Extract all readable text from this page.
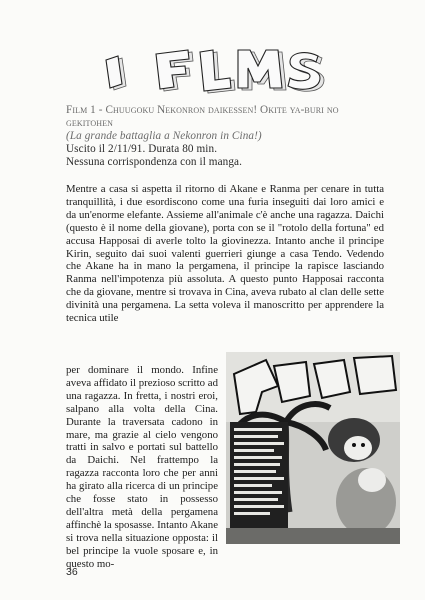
Film 1 - Chuugoku Nekonron daikessen! Okite ya-buri no gekitohen
(La grande battaglia a Nekonron in Cina!)
Uscito il 2/11/91. Durata 80 min.
Nessuna corrispondenza con il manga.

Mentre a casa si aspetta il ritorno di Akane e Ranma per cenare in tutta tranquillità, i due esordiscono come una furia inseguiti dai loro amici e da un'enorme elefante. Assieme all'animale c'è anche una ragazza. Daichi (questo è il nome della giovane), porta con se il "rotolo della fortuna" ed accusa Happosai di averle tolto la giovinezza. Intanto anche il principe Kirin, seguito dai suoi valenti guerrieri giunge a casa Tendo. Vedendo che Akane ha in mano la pergamena, il principe la rapisce lasciando Ranma nell'impotenza più assoluta. A questo punto Happosai racconta che da giovane, mentre si trovava in Cina, aveva rubato al clan delle sette divinità una pergamena. La setta voleva il manoscritto per apprendere la tecnica utile

per dominare il mondo. Infine aveva affidato il prezioso scritto ad una ragazza. In fretta, i nostri eroi, salpano alla volta della Cina. Durante la traversata cadono in mare, ma grazie al cielo vengono tratti in salvo e portati sul battello da Daichi. Nel frattempo la ragazza racconta loro che per anni ha girato alla ricerca di un principe che fosse stato in possesso dell'altra metà della pergamena affinchè la sposasse. Intanto Akane si trova nella situazione opposta: il bel principe la vuole sposare e, in questo mo-

36
